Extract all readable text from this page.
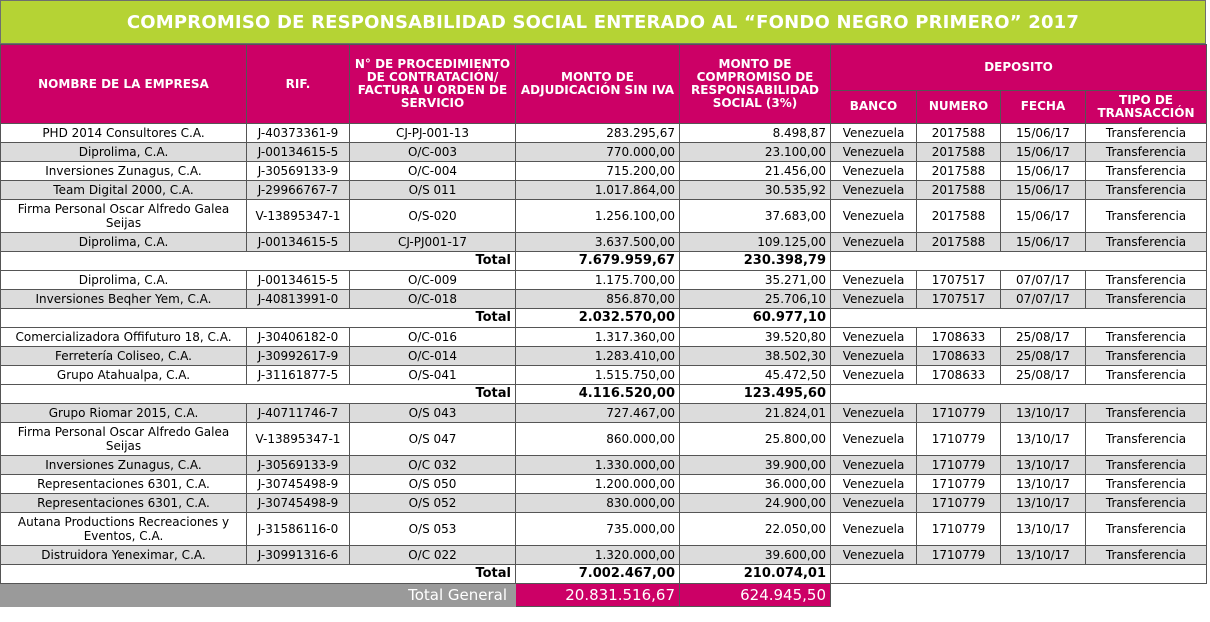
COMPROMISO DE RESPONSABILIDAD SOCIAL ENTERADO AL “FONDO NEGRO PRIMERO” 2017
NOMBRE DE LA EMPRESA	RIF.	N° DE PROCEDIMIENTO DE CONTRATACIÓN/ FACTURA U ORDEN DE SERVICIO	MONTO DE ADJUDICACIÓN SIN IVA	MONTO DE COMPROMISO DE RESPONSABILIDAD SOCIAL (3%)	DEPOSITO			
					BANCO	NUMERO	FECHA	TIPO DE TRANSACCIÓN
PHD 2014 Consultores C.A.	J-40373361-9	CJ-PJ-001-13	283.295,67	8.498,87	Venezuela	2017588	15/06/17	Transferencia
Diprolima, C.A.	J-00134615-5	O/C-003	770.000,00	23.100,00	Venezuela	2017588	15/06/17	Transferencia
Inversiones Zunagus, C.A.	J-30569133-9	O/C-004	715.200,00	21.456,00	Venezuela	2017588	15/06/17	Transferencia
Team Digital 2000, C.A.	J-29966767-7	O/S 011	1.017.864,00	30.535,92	Venezuela	2017588	15/06/17	Transferencia
Firma Personal Oscar Alfredo Galea Seijas	V-13895347-1	O/S-020	1.256.100,00	37.683,00	Venezuela	2017588	15/06/17	Transferencia
Diprolima, C.A.	J-00134615-5	CJ-PJ001-17	3.637.500,00	109.125,00	Venezuela	2017588	15/06/17	Transferencia
		Total	7.679.959,67	230.398,79				
Diprolima, C.A.	J-00134615-5	O/C-009	1.175.700,00	35.271,00	Venezuela	1707517	07/07/17	Transferencia
Inversiones Beqher Yem, C.A.	J-40813991-0	O/C-018	856.870,00	25.706,10	Venezuela	1707517	07/07/17	Transferencia
		Total	2.032.570,00	60.977,10				
Comercializadora Offifuturo 18, C.A.	J-30406182-0	O/C-016	1.317.360,00	39.520,80	Venezuela	1708633	25/08/17	Transferencia
Ferretería Coliseo, C.A.	J-30992617-9	O/C-014	1.283.410,00	38.502,30	Venezuela	1708633	25/08/17	Transferencia
Grupo Atahualpa, C.A.	J-31161877-5	O/S-041	1.515.750,00	45.472,50	Venezuela	1708633	25/08/17	Transferencia
		Total	4.116.520,00	123.495,60				
Grupo Riomar 2015, C.A.	J-40711746-7	O/S 043	727.467,00	21.824,01	Venezuela	1710779	13/10/17	Transferencia
Firma Personal Oscar Alfredo Galea Seijas	V-13895347-1	O/S 047	860.000,00	25.800,00	Venezuela	1710779	13/10/17	Transferencia
Inversiones Zunagus, C.A.	J-30569133-9	O/C 032	1.330.000,00	39.900,00	Venezuela	1710779	13/10/17	Transferencia
Representaciones 6301, C.A.	J-30745498-9	O/S 050	1.200.000,00	36.000,00	Venezuela	1710779	13/10/17	Transferencia
Representaciones 6301, C.A.	J-30745498-9	O/S 052	830.000,00	24.900,00	Venezuela	1710779	13/10/17	Transferencia
Autana Productions Recreaciones y Eventos, C.A.	J-31586116-0	O/S 053	735.000,00	22.050,00	Venezuela	1710779	13/10/17	Transferencia
Distruidora Yeneximar, C.A.	J-30991316-6	O/C 022	1.320.000,00	39.600,00	Venezuela	1710779	13/10/17	Transferencia
		Total	7.002.467,00	210.074,01				
Total General			20.831.516,67	624.945,50				
